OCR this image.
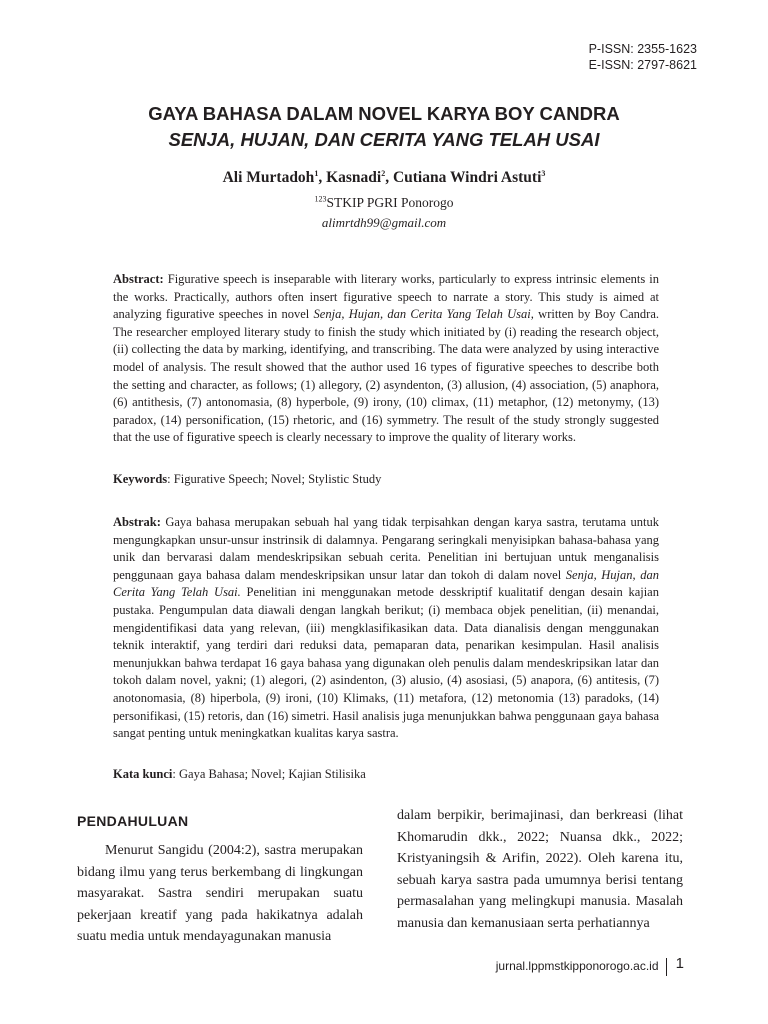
P-ISSN: 2355-1623
E-ISSN: 2797-8621
GAYA BAHASA DALAM NOVEL KARYA BOY CANDRA
SENJA, HUJAN, DAN CERITA YANG TELAH USAI
Ali Murtadoh$^1$, Kasnadi$^2$, Cutiana Windri Astuti$^3$
$^{123}$STKIP PGRI Ponorogo
alimrtdh99@gmail.com

Abstract: Figurative speech is inseparable with literary works, particularly to express intrinsic elements in the works. Practically, authors often insert figurative speech to narrate a story. This study is aimed at analyzing figurative speeches in novel Senja, Hujan, dan Cerita Yang Telah Usai, written by Boy Candra. The researcher employed literary study to finish the study which initiated by (i) reading the research object, (ii) collecting the data by marking, identifying, and transcribing. The data were analyzed by using interactive model of analysis. The result showed that the author used 16 types of figurative speeches to describe both the setting and character, as follows; (1) allegory, (2) asyndenton, (3) allusion, (4) association, (5) anaphora, (6) antithesis, (7) antonomasia, (8) hyperbole, (9) irony, (10) climax, (11) metaphor, (12) metonymy, (13) paradox, (14) personification, (15) rhetoric, and (16) symmetry. The result of the study strongly suggested that the use of figurative speech is clearly necessary to improve the quality of literary works.

Keywords: Figurative Speech; Novel; Stylistic Study

Abstrak: Gaya bahasa merupakan sebuah hal yang tidak terpisahkan dengan karya sastra, terutama untuk mengungkapkan unsur-unsur instrinsik di dalamnya. Pengarang seringkali menyisipkan bahasa-bahasa yang unik dan bervarasi dalam mendeskripsikan sebuah cerita. Penelitian ini bertujuan untuk menganalisis penggunaan gaya bahasa dalam mendeskripsikan unsur latar dan tokoh di dalam novel Senja, Hujan, dan Cerita Yang Telah Usai. Penelitian ini menggunakan metode desskriptif kualitatif dengan desain kajian pustaka. Pengumpulan data diawali dengan langkah berikut; (i) membaca objek penelitian, (ii) menandai, mengidentifikasi data yang relevan, (iii) mengklasifikasikan data. Data dianalisis dengan menggunakan teknik interaktif, yang terdiri dari reduksi data, pemaparan data, penarikan kesimpulan. Hasil analisis menunjukkan bahwa terdapat 16 gaya bahasa yang digunakan oleh penulis dalam mendeskripsikan latar dan tokoh dalam novel, yakni; (1) alegori, (2) asindenton, (3) alusio, (4) asosiasi, (5) anapora, (6) antitesis, (7) anotonomasia, (8) hiperbola, (9) ironi, (10) Klimaks, (11) metafora, (12) metonomia (13) paradoks, (14) personifikasi, (15) retoris, dan (16) simetri. Hasil analisis juga menunjukkan bahwa penggunaan gaya bahasa sangat penting untuk meningkatkan kualitas karya sastra.

Kata kunci: Gaya Bahasa; Novel; Kajian Stilisika
PENDAHULUAN

Menurut Sangidu (2004:2), sastra merupakan bidang ilmu yang terus berkembang di lingkungan masyarakat. Sastra sendiri merupakan suatu pekerjaan kreatif yang pada hakikatnya adalah suatu media untuk mendayagunakan manusia

dalam berpikir, berimajinasi, dan berkreasi (lihat Khomarudin dkk., 2022; Nuansa dkk., 2022; Kristyaningsih & Arifin, 2022). Oleh karena itu, sebuah karya sastra pada umumnya berisi tentang permasalahan yang melingkupi manusia. Masalah manusia dan kemanusiaan serta perhatiannya

jurnal.lppmstkipponorogo.ac.id	1
